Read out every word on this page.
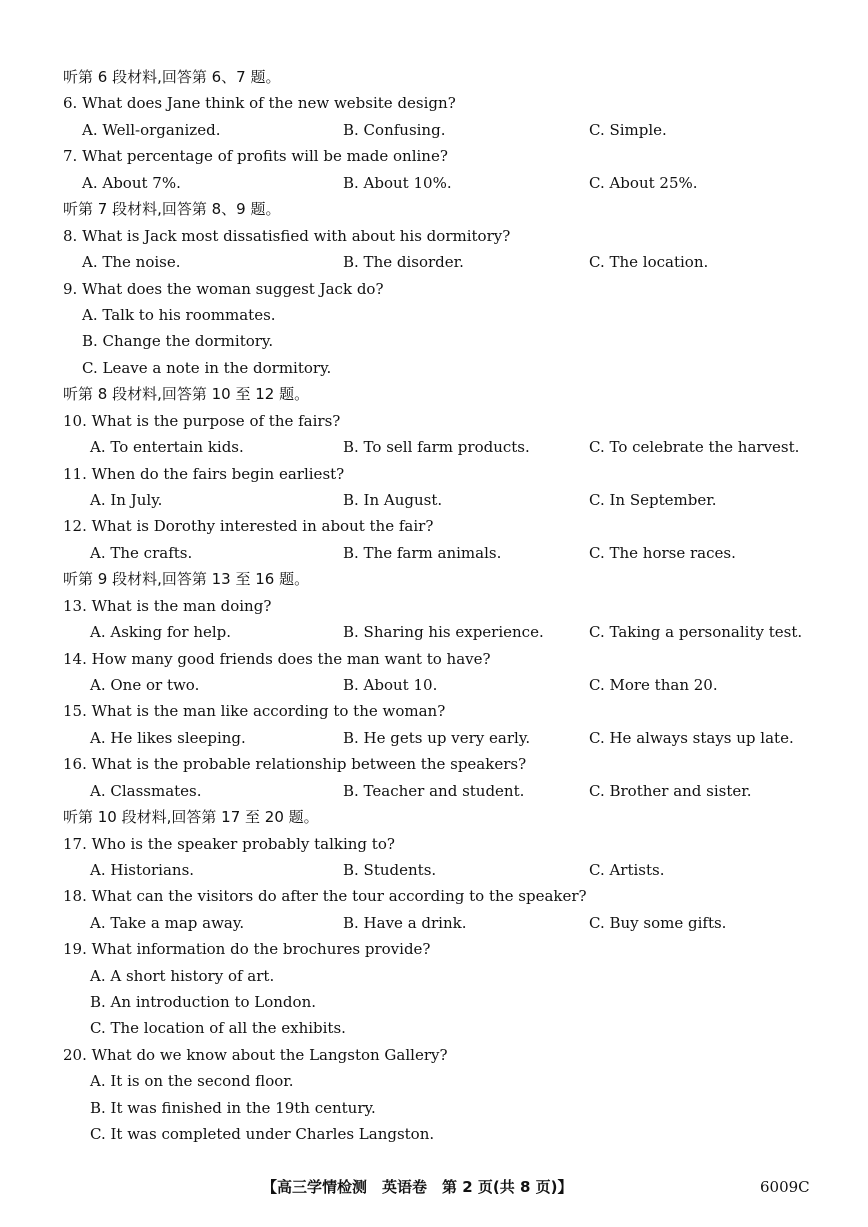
听第 6 段材料,回答第 6、7 题。
6. What does Jane think of the new website design?
A. Well-organized.	B. Confusing.	C. Simple.
7. What percentage of profits will be made online?
A. About 7%.	B. About 10%.	C. About 25%.
听第 7 段材料,回答第 8、9 题。
8. What is Jack most dissatisfied with about his dormitory?
A. The noise.	B. The disorder.	C. The location.
9. What does the woman suggest Jack do?
A. Talk to his roommates.
B. Change the dormitory.
C. Leave a note in the dormitory.
听第 8 段材料,回答第 10 至 12 题。
10. What is the purpose of the fairs?
A. To entertain kids.	B. To sell farm products.	C. To celebrate the harvest.
11. When do the fairs begin earliest?
A. In July.	B. In August.	C. In September.
12. What is Dorothy interested in about the fair?
A. The crafts.	B. The farm animals.	C. The horse races.
听第 9 段材料,回答第 13 至 16 题。
13. What is the man doing?
A. Asking for help.	B. Sharing his experience.	C. Taking a personality test.
14. How many good friends does the man want to have?
A. One or two.	B. About 10.	C. More than 20.
15. What is the man like according to the woman?
A. He likes sleeping.	B. He gets up very early.	C. He always stays up late.
16. What is the probable relationship between the speakers?
A. Classmates.	B. Teacher and student.	C. Brother and sister.
听第 10 段材料,回答第 17 至 20 题。
17. Who is the speaker probably talking to?
A. Historians.	B. Students.	C. Artists.
18. What can the visitors do after the tour according to the speaker?
A. Take a map away.	B. Have a drink.	C. Buy some gifts.
19. What information do the brochures provide?
A. A short history of art.
B. An introduction to London.
C. The location of all the exhibits.
20. What do we know about the Langston Gallery?
A. It is on the second floor.
B. It was finished in the 19th century.
C. It was completed under Charles Langston.
【高三学情检测　英语卷　第 2 页(共 8 页)】	6009C
